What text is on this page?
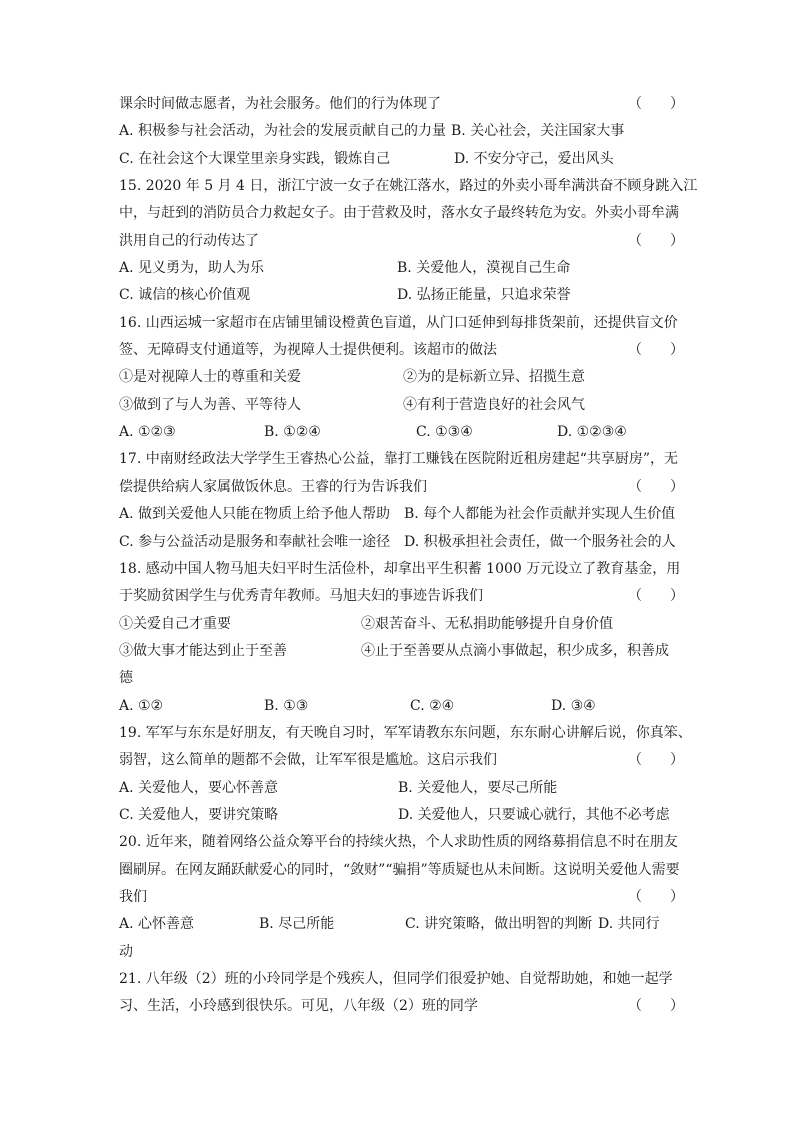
课余时间做志愿者，为社会服务。他们的行为体现了	（　　）
A. 积极参与社会活动，为社会的发展贡献自己的力量 B. 关心社会，关注国家大事
C. 在社会这个大课堂里亲身实践，锻炼自己	D. 不安分守己，爱出风头
15. 2020 年 5 月 4 日，浙江宁波一女子在姚江落水，路过的外卖小哥牟满洪奋不顾身跳入江
中，与赶到的消防员合力救起女子。由于营救及时，落水女子最终转危为安。外卖小哥牟满
洪用自己的行动传达了	（　　）
A. 见义勇为，助人为乐	B. 关爱他人，漠视自己生命
C. 诚信的核心价值观	D. 弘扬正能量，只追求荣誉
16. 山西运城一家超市在店铺里铺设橙黄色盲道，从门口延伸到每排货架前，还提供盲文价
签、无障碍支付通道等，为视障人士提供便利。该超市的做法	（　　）
①是对视障人士的尊重和关爱	②为的是标新立异、招揽生意
③做到了与人为善、平等待人	④有利于营造良好的社会风气
A. ①②③	B. ①②④	C. ①③④	D. ①②③④
17. 中南财经政法大学学生王睿热心公益，靠打工赚钱在医院附近租房建起“共享厨房”，无
偿提供给病人家属做饭休息。王睿的行为告诉我们	（　　）
A. 做到关爱他人只能在物质上给予他人帮助 B. 每个人都能为社会作贡献并实现人生价值
C. 参与公益活动是服务和奉献社会唯一途径 D. 积极承担社会责任，做一个服务社会的人
18. 感动中国人物马旭夫妇平时生活俭朴，却拿出平生积蓄 1000 万元设立了教育基金，用
于奖励贫困学生与优秀青年教师。马旭夫妇的事迹告诉我们	（　　）
①关爱自己才重要	②艰苦奋斗、无私捐助能够提升自身价值
③做大事才能达到止于至善	④止于至善要从点滴小事做起，积少成多，积善成
德
A. ①②	B. ①③	C. ②④	D. ③④
19. 军军与东东是好朋友，有天晚自习时，军军请教东东问题，东东耐心讲解后说，你真笨、
弱智，这么简单的题都不会做，让军军很是尴尬。这启示我们	（　　）
A. 关爱他人，要心怀善意	B. 关爱他人，要尽己所能
C. 关爱他人，要讲究策略	D. 关爱他人，只要诚心就行，其他不必考虑
20. 近年来，随着网络公益众筹平台的持续火热，个人求助性质的网络募捐信息不时在朋友
圈刷屏。在网友踊跃献爱心的同时，“敛财”“骗捐”等质疑也从未间断。这说明关爱他人需要
我们	（　　）
A. 心怀善意	B. 尽己所能	C. 讲究策略，做出明智的判断 D. 共同行
动
21. 八年级（2）班的小玲同学是个残疾人，但同学们很爱护她、自觉帮助她，和她一起学
习、生活，小玲感到很快乐。可见，八年级（2）班的同学	（　　）
